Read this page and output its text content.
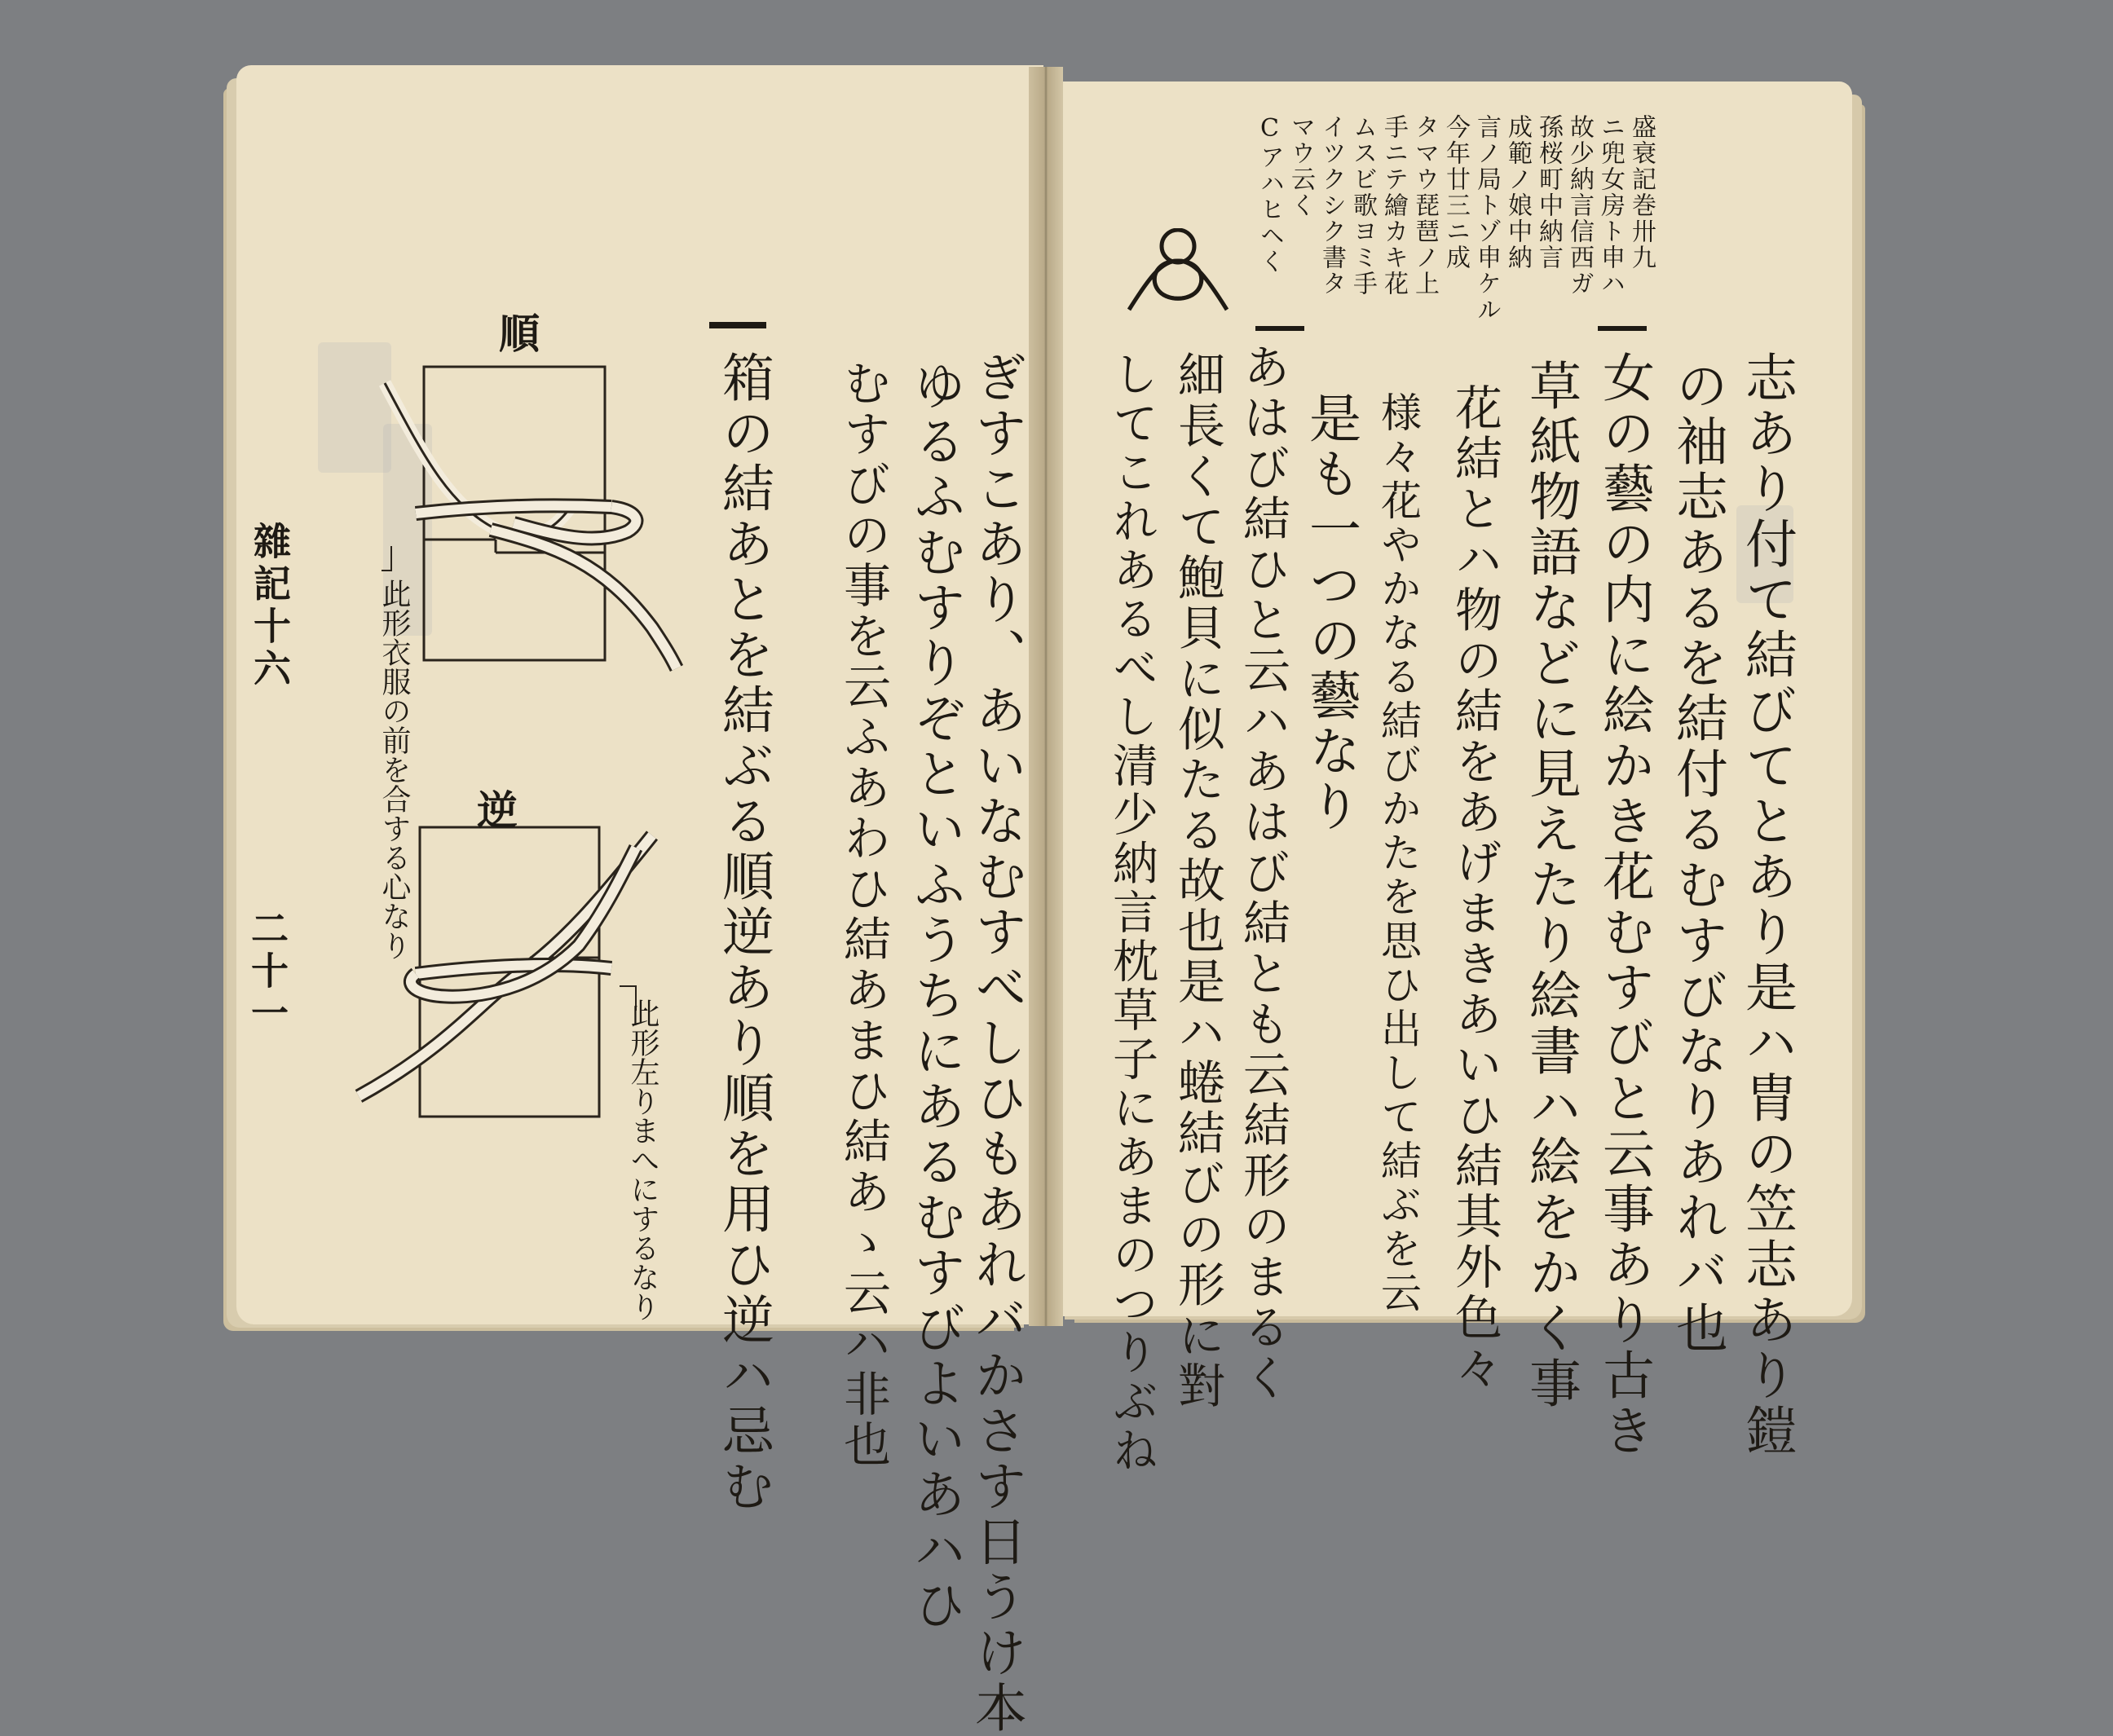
順
逆
此形衣服の前を合する心なり
此形左りまへにするなり
雜記十六
二十一	箱の結あとを結ぶる順逆あり順を用ひ逆ハ忌む むすびの事を云ふあわひ結あまひ結あゝ云ハ非也 ゆるふむすりぞといふうちにあるむすびよいあハひ ぎすこあり、あいなむすべしひもあれバかさす日うけ本
盛衰記巻卅九
ニ兜女房ト申ハ
故少納言信西ガ
孫桜町中納言
成範ノ娘中納
言ノ局トゾ申ケル
今年廿三ニ成
タマウ琵琶ノ上
手ニテ繪カキ花
ムスビ歌ヨミ手
イツクシク書タ
マウ云く
Cアハヒヘく
志あり付て結びてとあり是ハ胄の笠志あり鎧
の袖志あるを結付るむすびなりあれバ也
女の藝の内に絵かき花むすびと云事あり古き
草紙物語などに見えたり絵書ハ絵をかく事
花結とハ物の結をあげまきあいひ結其外色々
様々花やかなる結びかたを思ひ出して結ぶを云
是も一つの藝なり
あはび結ひと云ハあはび結とも云結形のまるく
細長くて鮑貝に似たる故也是ハ蜷結びの形に對
してこれあるべし清少納言枕草子にあまのつりぶね
